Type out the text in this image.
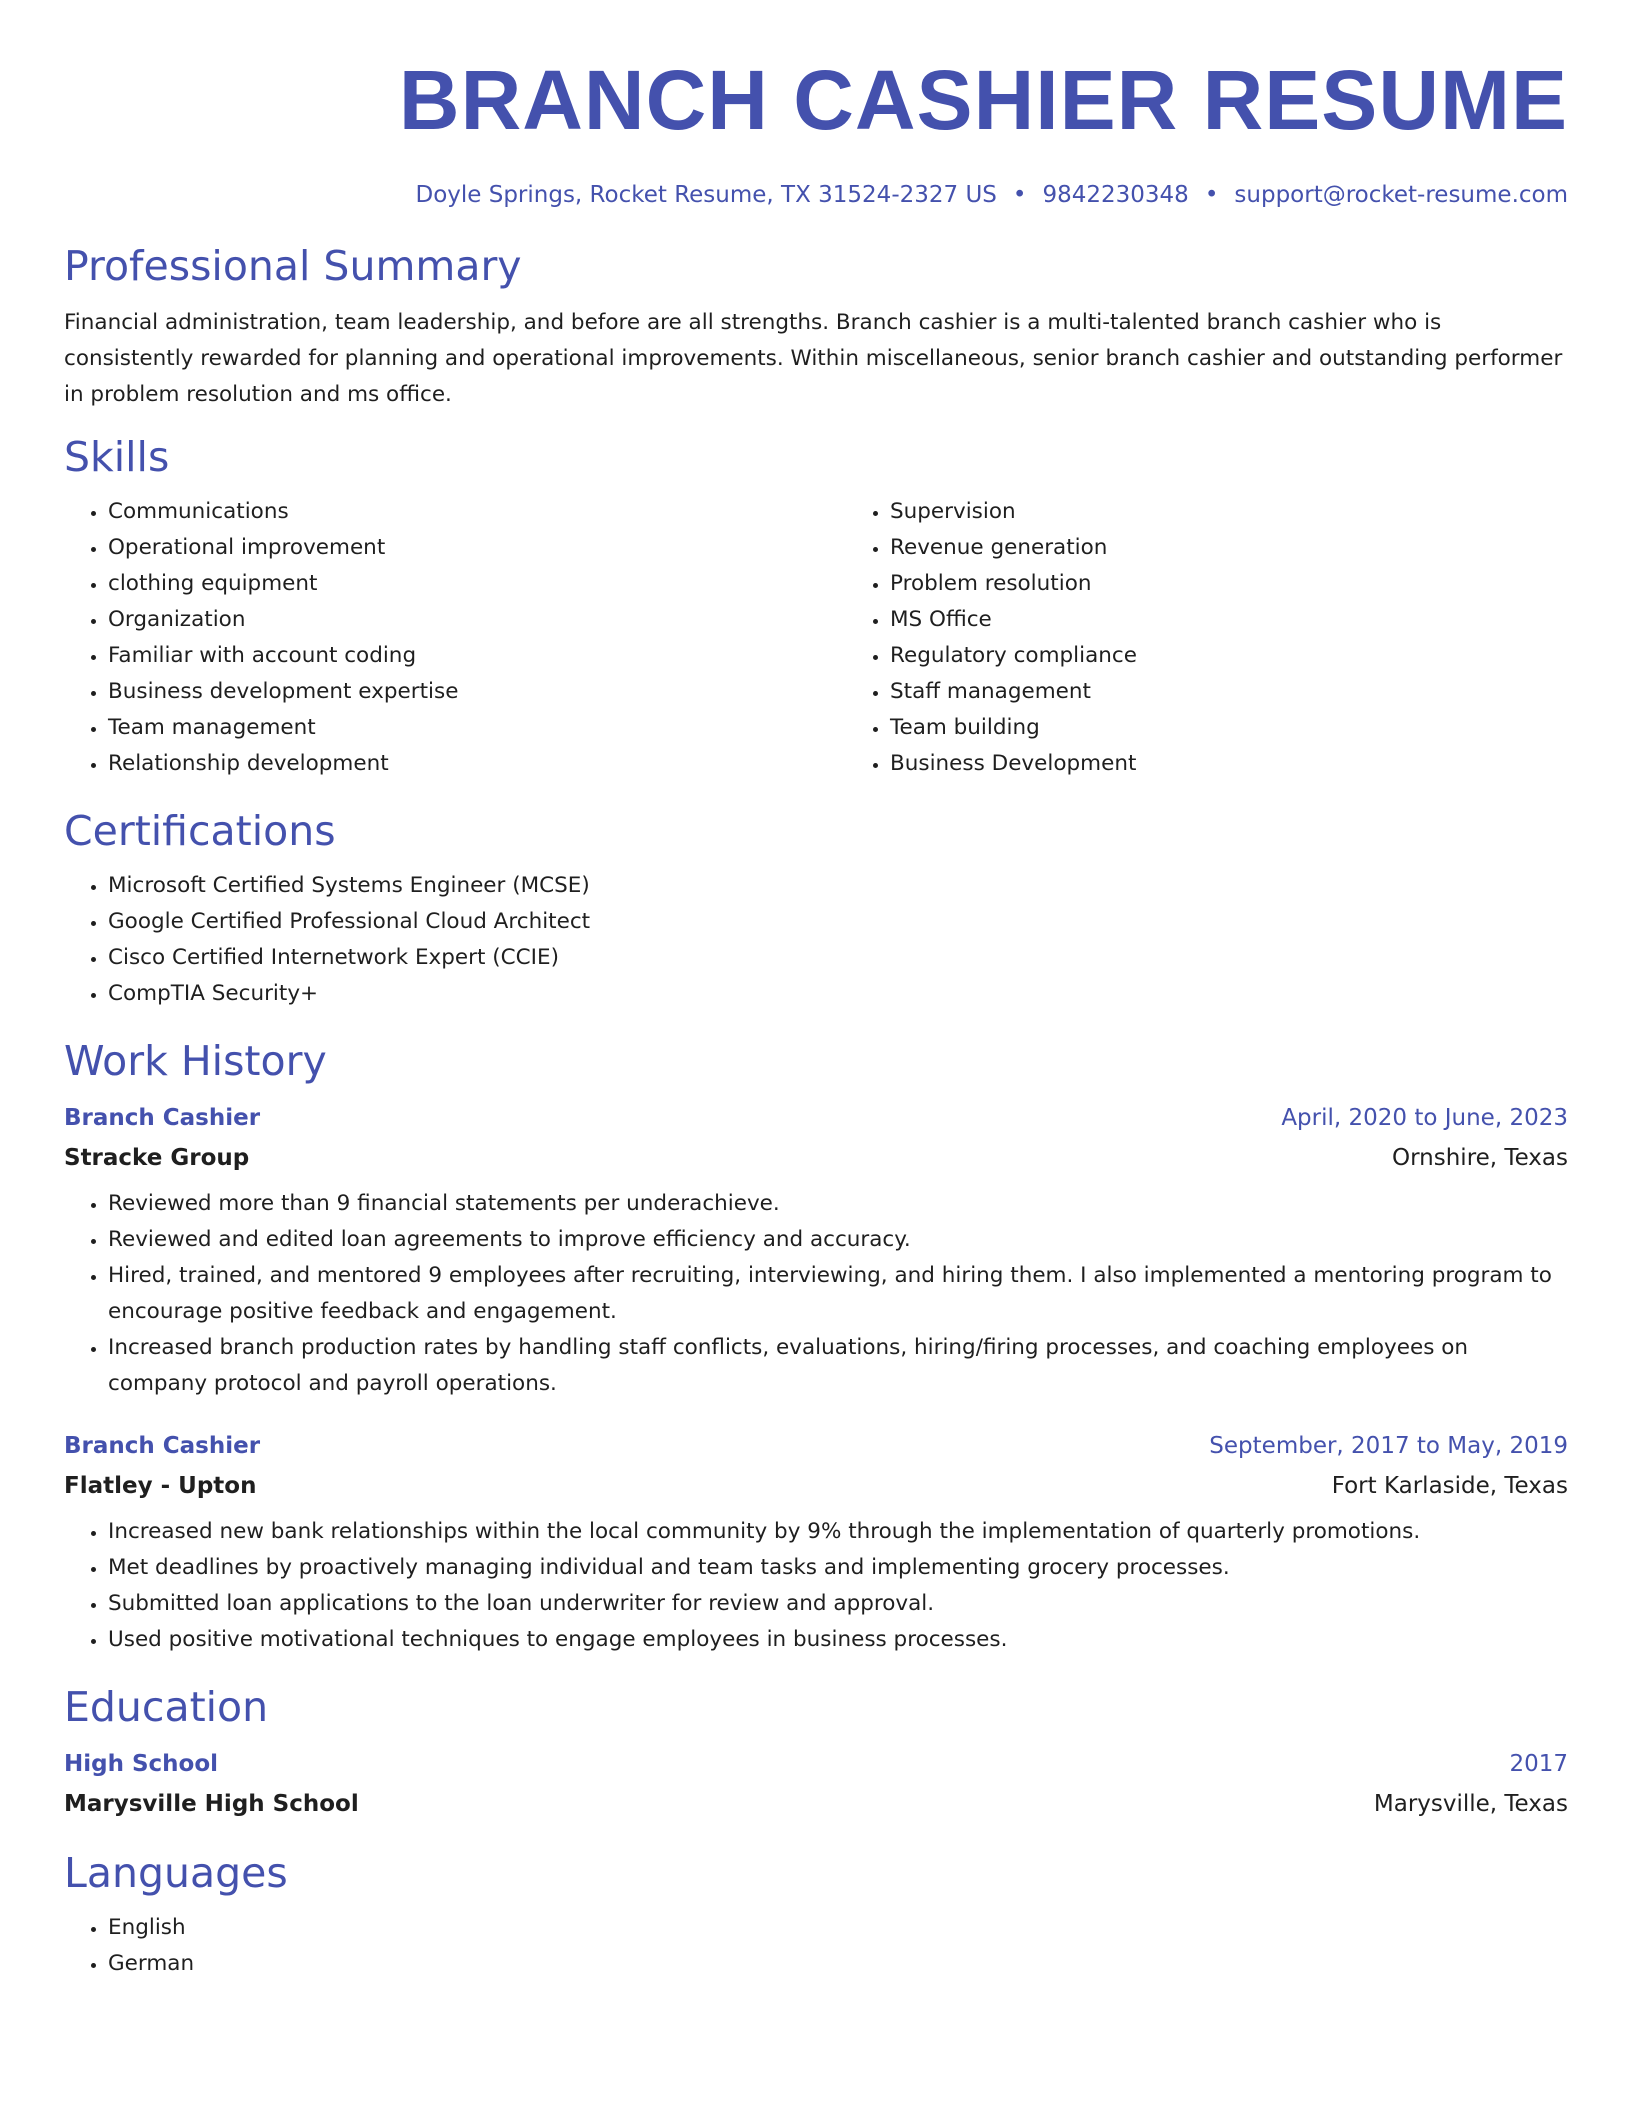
BRANCH CASHIER RESUME
Doyle Springs, Rocket Resume, TX 31524-2327 US • 9842230348 • support@rocket-resume.com
Professional Summary

Financial administration, team leadership, and before are all strengths. Branch cashier is a multi-talented branch cashier who is consistently rewarded for planning and operational improvements. Within miscellaneous, senior branch cashier and outstanding performer in problem resolution and ms office.

Skills
• Communications
• Operational improvement
• clothing equipment
• Organization
• Familiar with account coding
• Business development expertise
• Team management
• Relationship development
• Supervision
• Revenue generation
• Problem resolution
• MS Office
• Regulatory compliance
• Staff management
• Team building
• Business Development
Certifications
• Microsoft Certified Systems Engineer (MCSE)
• Google Certified Professional Cloud Architect
• Cisco Certified Internetwork Expert (CCIE)
• CompTIA Security+
Work History
Branch Cashier	April, 2020 to June, 2023
Stracke Group	Ornshire, Texas
• Reviewed more than 9 financial statements per underachieve.
• Reviewed and edited loan agreements to improve efficiency and accuracy.
• Hired, trained, and mentored 9 employees after recruiting, interviewing, and hiring them. I also implemented a mentoring program to encourage positive feedback and engagement.
• Increased branch production rates by handling staff conflicts, evaluations, hiring/firing processes, and coaching employees on company protocol and payroll operations.
Branch Cashier	September, 2017 to May, 2019
Flatley - Upton	Fort Karlaside, Texas
• Increased new bank relationships within the local community by 9% through the implementation of quarterly promotions.
• Met deadlines by proactively managing individual and team tasks and implementing grocery processes.
• Submitted loan applications to the loan underwriter for review and approval.
• Used positive motivational techniques to engage employees in business processes.
Education
High School	2017
Marysville High School	Marysville, Texas
Languages
• English
• German
